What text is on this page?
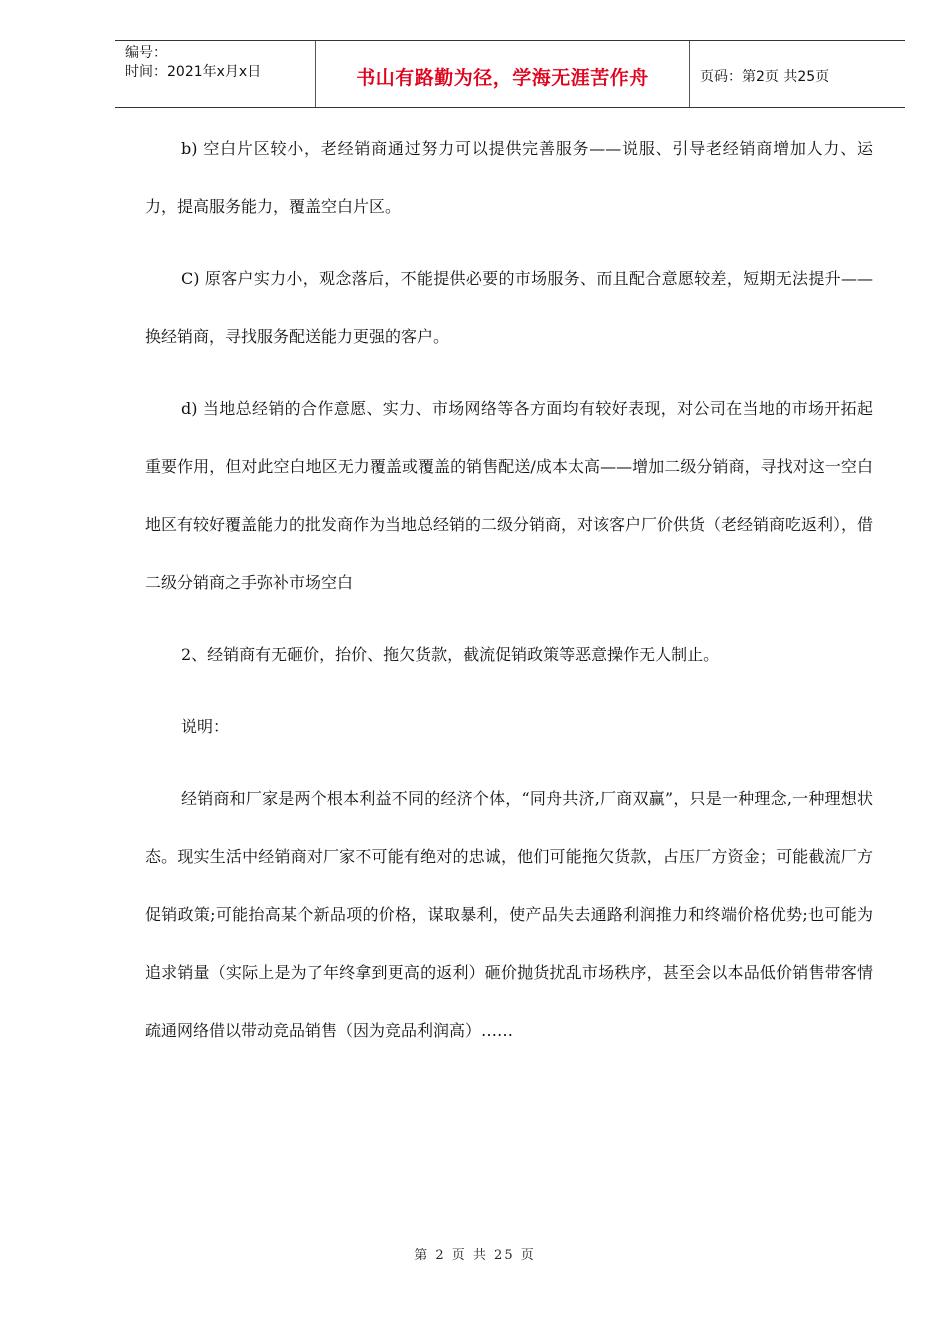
编号：
时间：2021年x月x日	书山有路勤为径，学海无涯苦作舟	页码：第2页 共25页

b) 空白片区较小，老经销商通过努力可以提供完善服务——说服、引导老经销商增加人力、运力，提高服务能力，覆盖空白片区。

C) 原客户实力小，观念落后，不能提供必要的市场服务、而且配合意愿较差，短期无法提升——换经销商，寻找服务配送能力更强的客户。

d) 当地总经销的合作意愿、实力、市场网络等各方面均有较好表现，对公司在当地的市场开拓起重要作用，但对此空白地区无力覆盖或覆盖的销售配送/成本太高——增加二级分销商，寻找对这一空白地区有较好覆盖能力的批发商作为当地总经销的二级分销商，对该客户厂价供货（老经销商吃返利），借二级分销商之手弥补市场空白

2、经销商有无砸价，抬价、拖欠货款，截流促销政策等恶意操作无人制止。

说明：

经销商和厂家是两个根本利益不同的经济个体，“同舟共济,厂商双赢”，只是一种理念,一种理想状态。现实生活中经销商对厂家不可能有绝对的忠诚，他们可能拖欠货款，占压厂方资金；可能截流厂方促销政策;可能抬高某个新品项的价格，谋取暴利，使产品失去通路利润推力和终端价格优势;也可能为追求销量（实际上是为了年终拿到更高的返利）砸价抛货扰乱市场秩序，甚至会以本品低价销售带客情疏通网络借以带动竞品销售（因为竞品利润高）……

第 2 页 共 25 页
